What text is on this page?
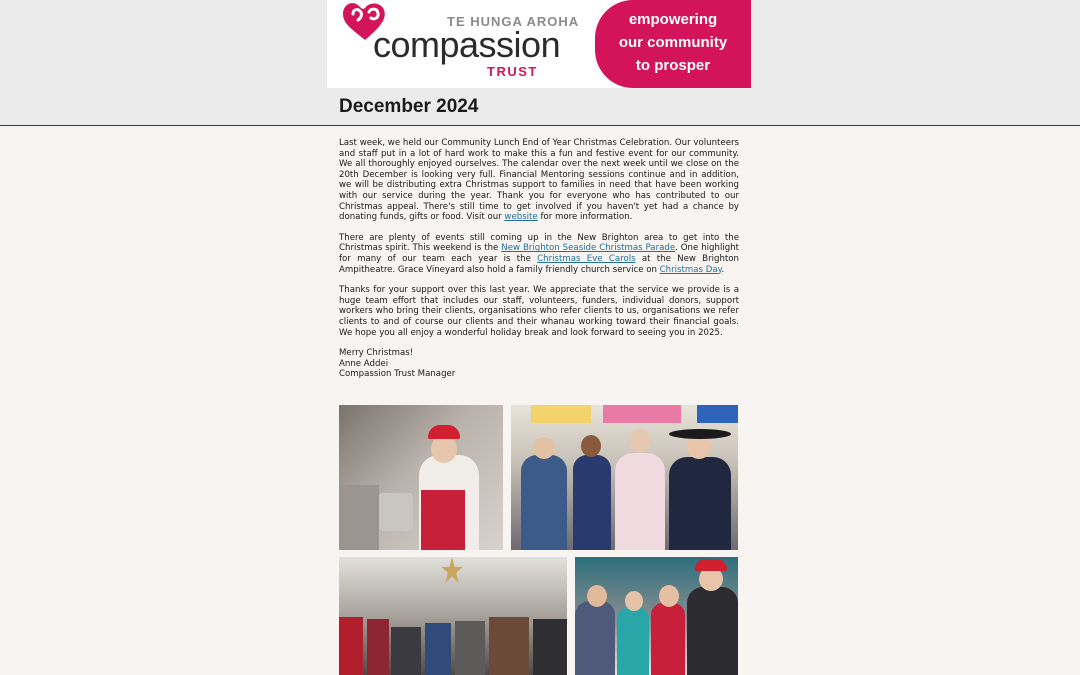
TE HUNGA AROHA
compassion
TRUST
empowering
our community
to prosper
December 2024

Last week, we held our Community Lunch End of Year Christmas Celebration. Our volunteers and staff put in a lot of hard work to make this a fun and festive event for our community. We all thoroughly enjoyed ourselves. The calendar over the next week until we close on the 20th December is looking very full. Financial Mentoring sessions continue and in addition, we will be distributing extra Christmas support to families in need that have been working with our service during the year. Thank you for everyone who has contributed to our Christmas appeal. There's still time to get involved if you haven't yet had a chance by donating funds, gifts or food. Visit our website for more information.

There are plenty of events still coming up in the New Brighton area to get into the Christmas spirit. This weekend is the New Brighton Seaside Christmas Parade. One highlight for many of our team each year is the Christmas Eve Carols at the New Brighton Ampitheatre. Grace Vineyard also hold a family friendly church service on Christmas Day.

Thanks for your support over this last year. We appreciate that the service we provide is a huge team effort that includes our staff, volunteers, funders, individual donors, support workers who bring their clients, organisations who refer clients to us, organisations we refer clients to and of course our clients and their whanau working toward their financial goals. We hope you all enjoy a wonderful holiday break and look forward to seeing you in 2025.

Merry Christmas!
Anne Addei
Compassion Trust Manager
